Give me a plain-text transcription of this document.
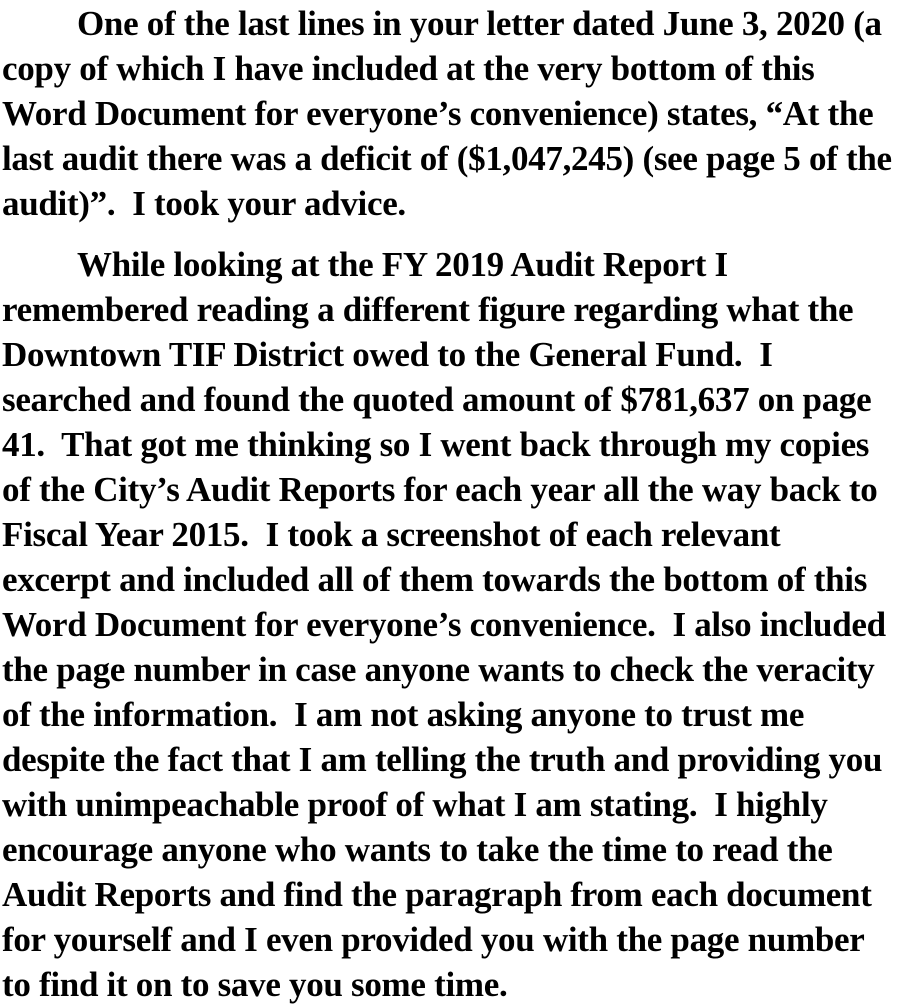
One of the last lines in your letter dated June 3, 2020 (a
copy of which I have included at the very bottom of this
Word Document for everyone’s convenience) states, “At the
last audit there was a deficit of ($1,047,245) (see page 5 of the
audit)”.  I took your advice.
While looking at the FY 2019 Audit Report I
remembered reading a different figure regarding what the
Downtown TIF District owed to the General Fund.  I
searched and found the quoted amount of $781,637 on page
41.  That got me thinking so I went back through my copies
of the City’s Audit Reports for each year all the way back to
Fiscal Year 2015.  I took a screenshot of each relevant
excerpt and included all of them towards the bottom of this
Word Document for everyone’s convenience.  I also included
the page number in case anyone wants to check the veracity
of the information.  I am not asking anyone to trust me
despite the fact that I am telling the truth and providing you
with unimpeachable proof of what I am stating.  I highly
encourage anyone who wants to take the time to read the
Audit Reports and find the paragraph from each document
for yourself and I even provided you with the page number
to find it on to save you some time.
